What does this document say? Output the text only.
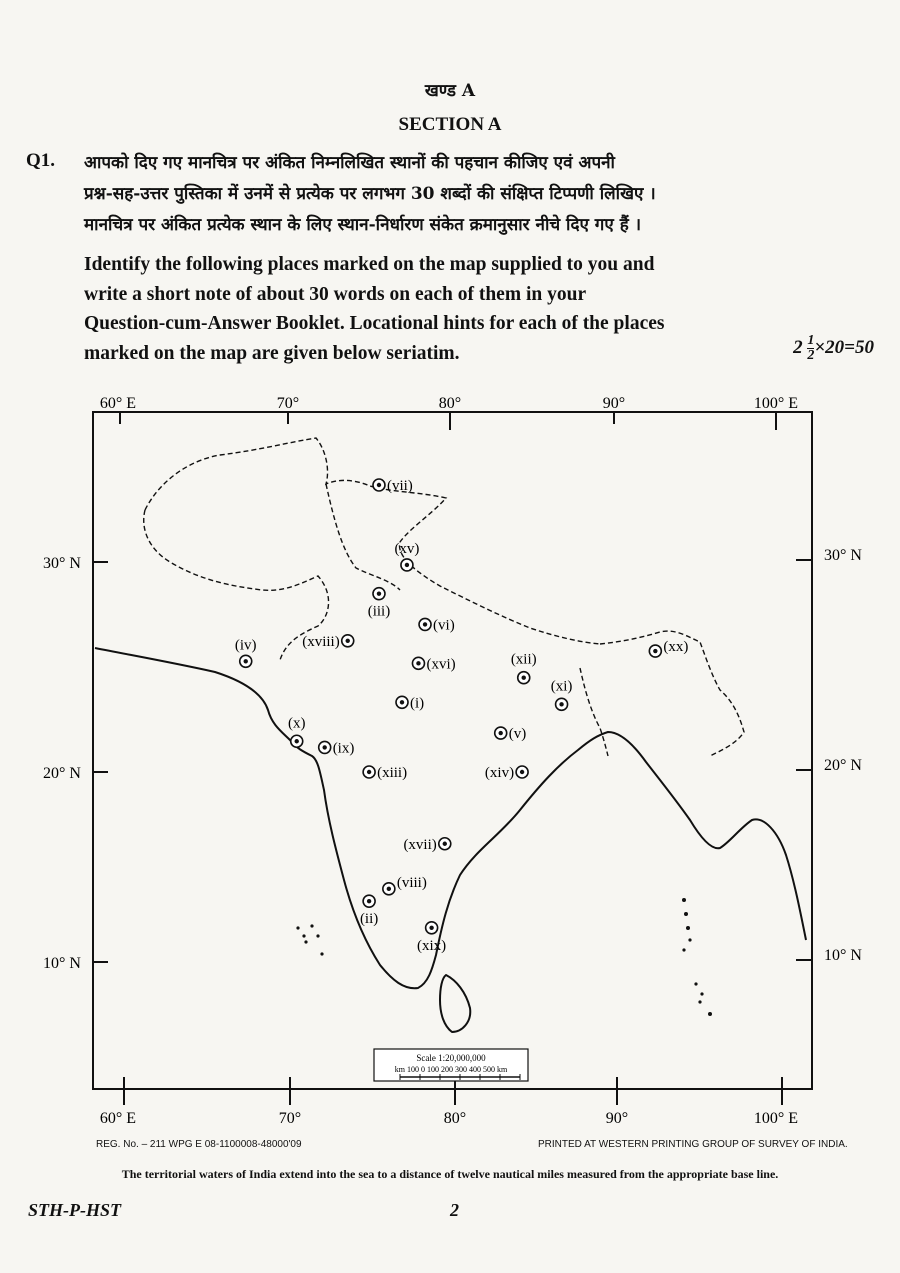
खण्ड A
SECTION A
Q1. आपको दिए गए मानचित्र पर अंकित निम्नलिखित स्थानों की पहचान कीजिए एवं अपनी
प्रश्न-सह-उत्तर पुस्तिका में उनमें से प्रत्येक पर लगभग 30 शब्दों की संक्षिप्त टिप्पणी लिखिए ।
मानचित्र पर अंकित प्रत्येक स्थान के लिए स्थान-निर्धारण संकेत क्रमानुसार नीचे दिए गए हैं ।
Identify the following places marked on the map supplied to you and
write a short note of about 30 words on each of them in your
Question-cum-Answer Booklet. Locational hints for each of the places
marked on the map are given below seriatim.	$2 \frac{1}{2} \times 20=50$
60° E	70°	80°	90°	100° E
60° E	70°	80°	90°	100° E
30° N
20° N
10° N
30° N
20° N
10° N
(vii)
(xv)
(iii)
(vi)
(iv)	(xviii)
(xvi)	(xii)
(xx)
(xi)
(i)
(v)
(x)
(ix)
(xiii)	(xiv)
(xvii)
(viii)
(ii)
(xix)
Scale 1:20,000,000
km 100 0 100 200 300 400 500 km
REG. No. – 211 WPG E 08-1100008-48000'09	PRINTED AT WESTERN PRINTING GROUP OF SURVEY OF INDIA.
The territorial waters of India extend into the sea to a distance of twelve nautical miles measured from the appropriate base line.
STH-P-HST	2
